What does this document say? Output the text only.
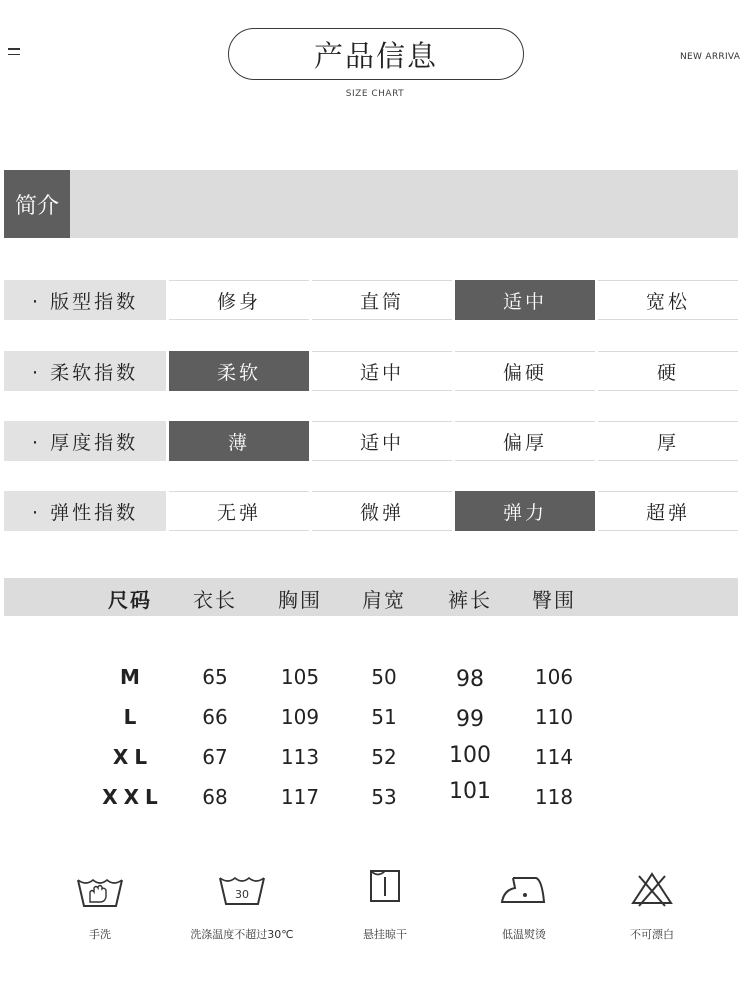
产品信息
SIZE CHART
NEW ARRIVA
简介
· 版型指数	修身	直筒	适中	宽松
· 柔软指数	柔软	适中	偏硬	硬
· 厚度指数	薄	适中	偏厚	厚
· 弹性指数	无弹	微弹	弹力	超弹
尺码	衣长	胸围	肩宽	裤长	臀围
M	65	105	50	98	106
L	66	109	51	99	110
XL	67	113	52	100	114
XXL	68	117	53	101	118
30
手洗	洗涤温度不超过30℃	悬挂晾干	低温熨烫	不可漂白
